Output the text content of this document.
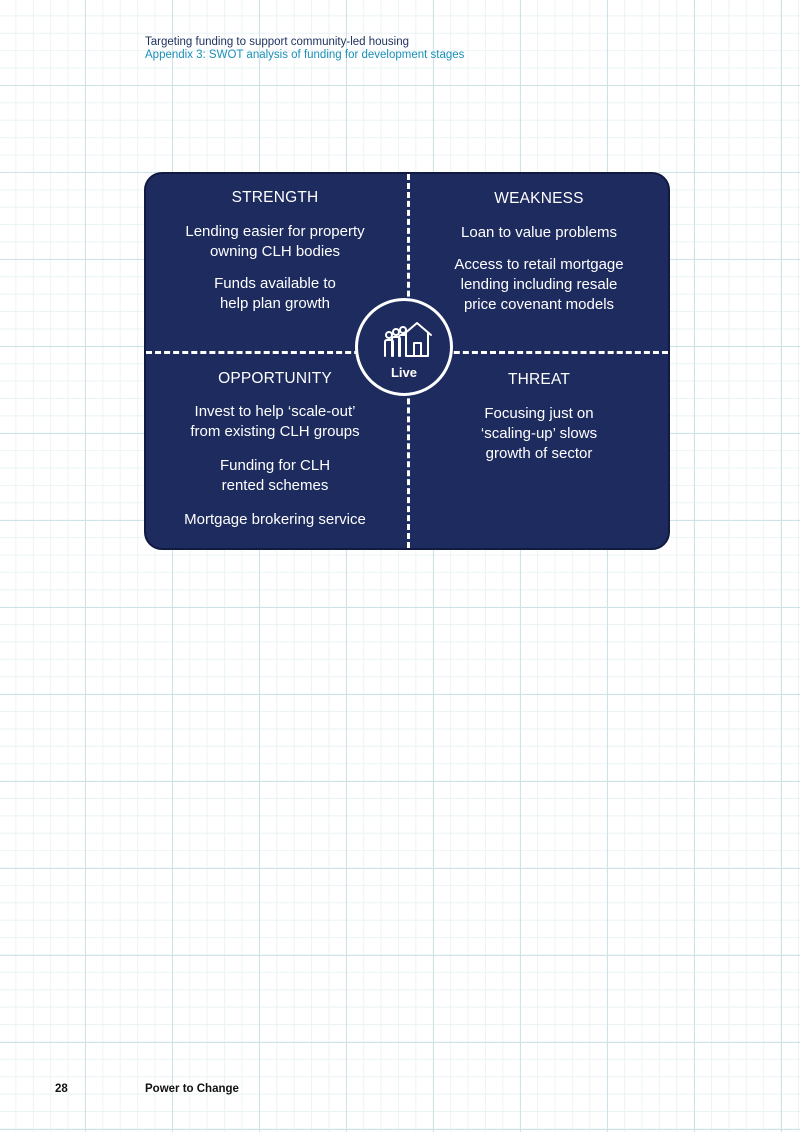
Targeting funding to support community-led housing
Appendix 3: SWOT analysis of funding for development stages
STRENGTH
Lending easier for property
owning CLH bodies
Funds available to
help plan growth
WEAKNESS
Loan to value problems
Access to retail mortgage
lending including resale
price covenant models
OPPORTUNITY
Invest to help ‘scale-out’
from existing CLH groups
Funding for CLH
rented schemes
Mortgage brokering service
THREAT
Focusing just on
‘scaling-up’ slows
growth of sector
Live
28	Power to Change
